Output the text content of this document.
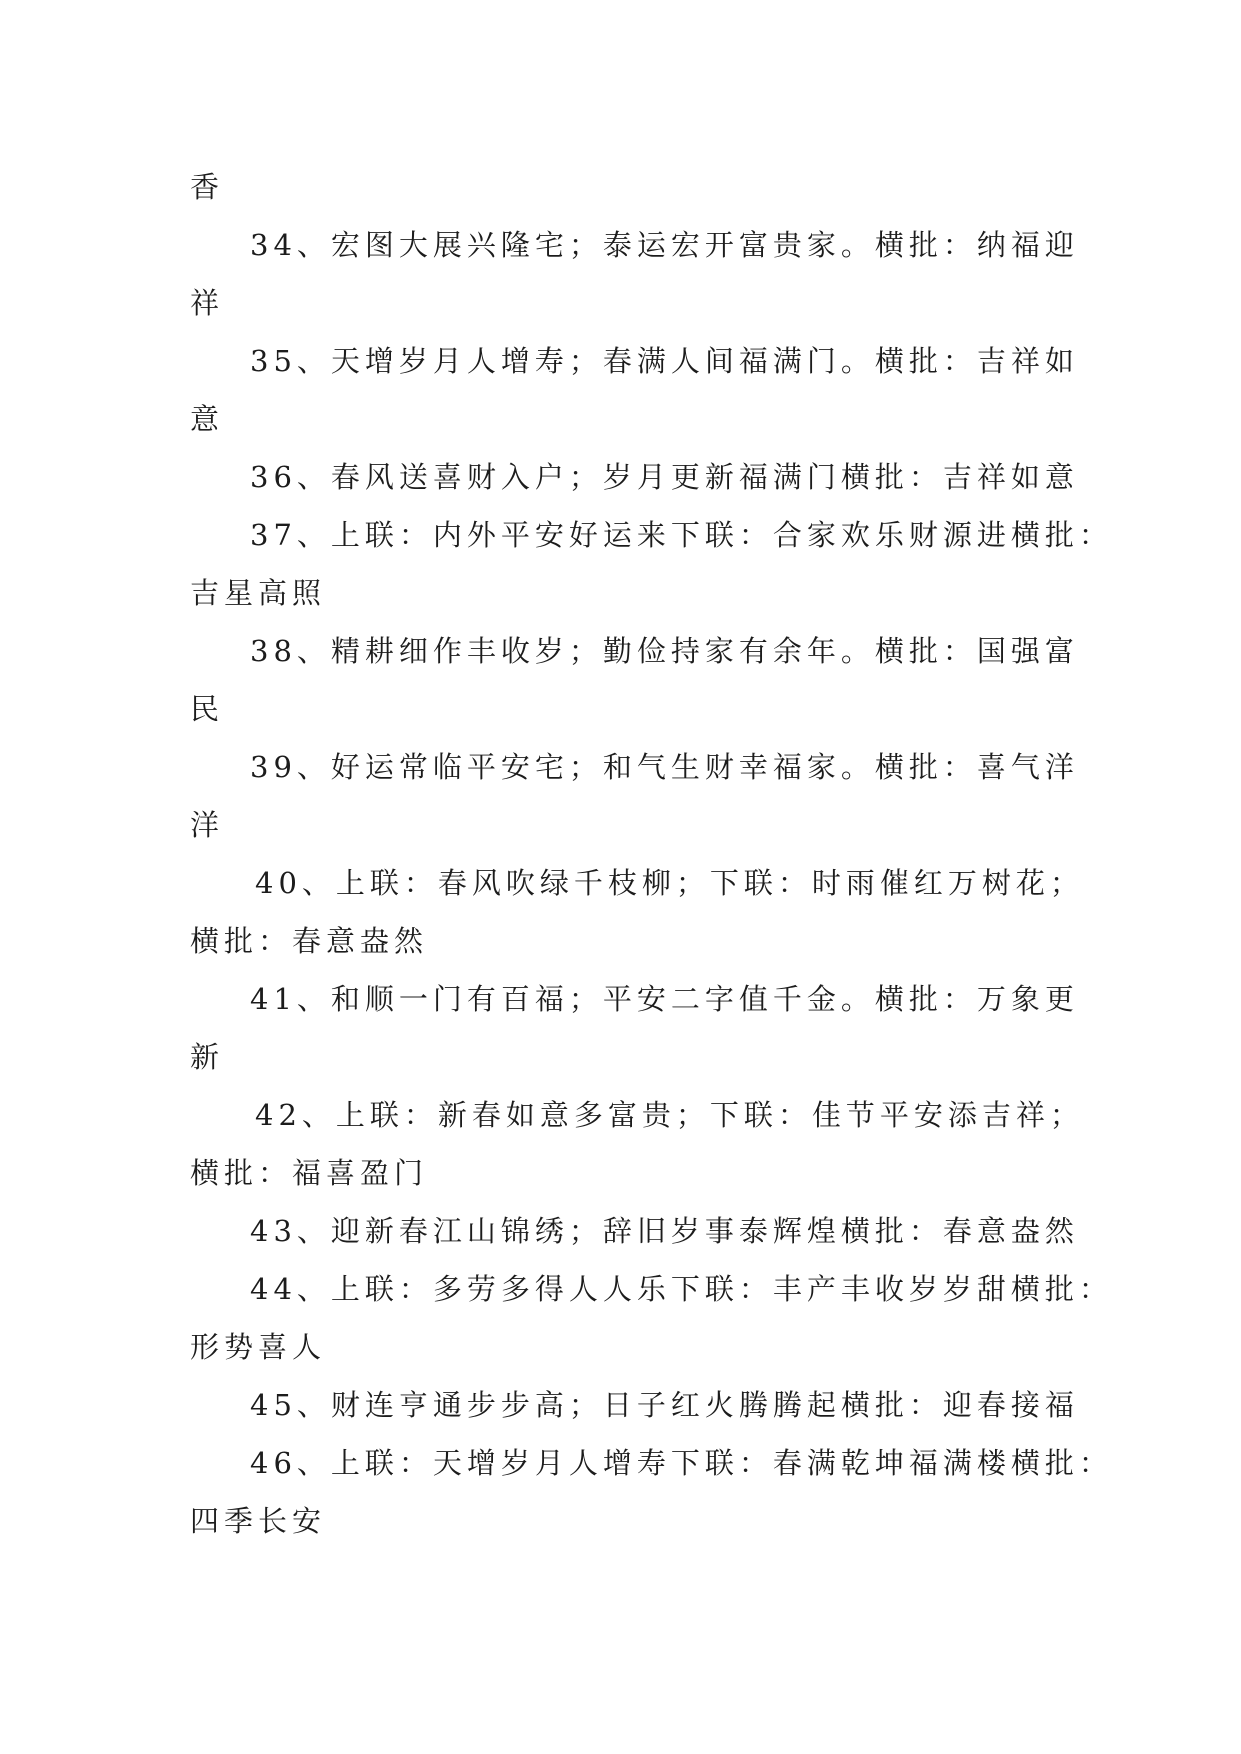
香
34、宏图大展兴隆宅；泰运宏开富贵家。横批：纳福迎
祥
35、天增岁月人增寿；春满人间福满门。横批：吉祥如
意
36、春风送喜财入户；岁月更新福满门横批：吉祥如意
37、上联：内外平安好运来下联：合家欢乐财源进横批：
吉星高照
38、精耕细作丰收岁；勤俭持家有余年。横批：国强富
民
39、好运常临平安宅；和气生财幸福家。横批：喜气洋
洋
40、上联：春风吹绿千枝柳；下联：时雨催红万树花；
横批：春意盎然
41、和顺一门有百福；平安二字值千金。横批：万象更
新
42、上联：新春如意多富贵；下联：佳节平安添吉祥；
横批：福喜盈门
43、迎新春江山锦绣；辞旧岁事泰辉煌横批：春意盎然
44、上联：多劳多得人人乐下联：丰产丰收岁岁甜横批：
形势喜人
45、财连亨通步步高；日子红火腾腾起横批：迎春接福
46、上联：天增岁月人增寿下联：春满乾坤福满楼横批：
四季长安
